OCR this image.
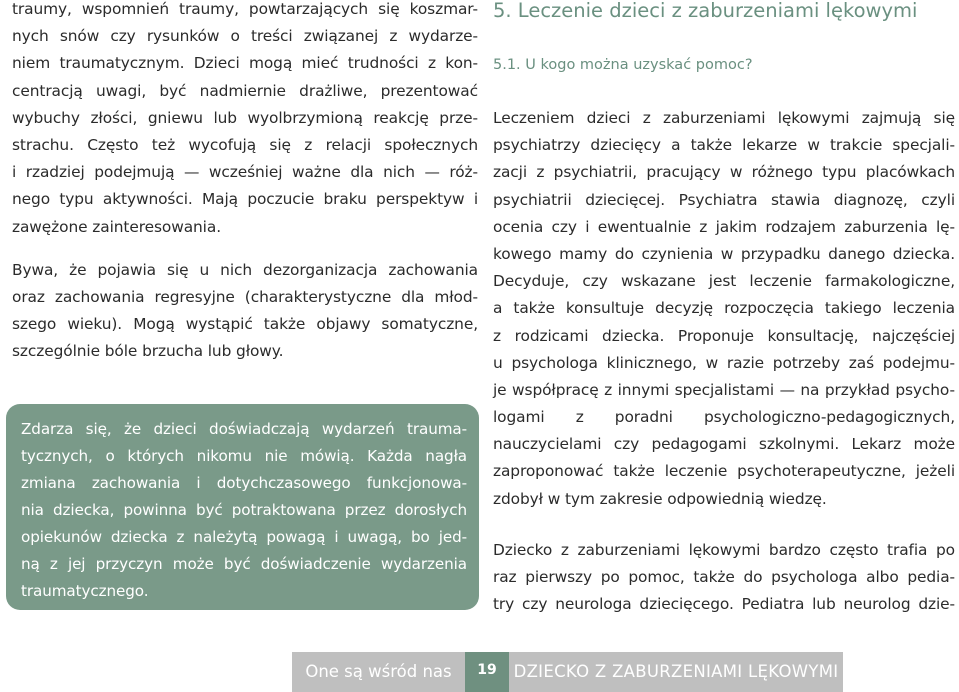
traumy, wspomnień traumy, powtarzających się koszmar-
nych snów czy rysunków o treści związanej z wydarze-
niem traumatycznym. Dzieci mogą mieć trudności z kon-
centracją uwagi, być nadmiernie drażliwe, prezentować
wybuchy złości, gniewu lub wyolbrzymioną reakcję prze-
strachu. Często też wycofują się z relacji społecznych
i rzadziej podejmują — wcześniej ważne dla nich — róż-
nego typu aktywności. Mają poczucie braku perspektyw i
zawężone zainteresowania.
Bywa, że pojawia się u nich dezorganizacja zachowania
oraz zachowania regresyjne (charakterystyczne dla młod-
szego wieku). Mogą wystąpić także objawy somatyczne,
szczególnie bóle brzucha lub głowy.
Zdarza się, że dzieci doświadczają wydarzeń trauma-
tycznych, o których nikomu nie mówią. Każda nagła
zmiana zachowania i dotychczasowego funkcjonowa-
nia dziecka, powinna być potraktowana przez dorosłych
opiekunów dziecka z należytą powagą i uwagą, bo jed-
ną z jej przyczyn może być doświadczenie wydarzenia
traumatycznego.
5. Leczenie dzieci z zaburzeniami lękowymi
5.1. U kogo można uzyskać pomoc?
Leczeniem dzieci z zaburzeniami lękowymi zajmują się
psychiatrzy dziecięcy a także lekarze w trakcie specjali-
zacji z psychiatrii, pracujący w różnego typu placówkach
psychiatrii dziecięcej. Psychiatra stawia diagnozę, czyli
ocenia czy i ewentualnie z jakim rodzajem zaburzenia lę-
kowego mamy do czynienia w przypadku danego dziecka.
Decyduje, czy wskazane jest leczenie farmakologiczne,
a także konsultuje decyzję rozpoczęcia takiego leczenia
z rodzicami dziecka. Proponuje konsultację, najczęściej
u psychologa klinicznego, w razie potrzeby zaś podejmu-
je współpracę z innymi specjalistami — na przykład psycho-
logami z poradni psychologiczno-pedagogicznych,
nauczycielami czy pedagogami szkolnymi. Lekarz może
zaproponować także leczenie psychoterapeutyczne, jeżeli
zdobył w tym zakresie odpowiednią wiedzę.
Dziecko z zaburzeniami lękowymi bardzo często trafia po
raz pierwszy po pomoc, także do psychologa albo pedia-
try czy neurologa dziecięcego. Pediatra lub neurolog dzie-
One są wśród nas	19	DZIECKO Z ZABURZENIAMI LĘKOWYMI
